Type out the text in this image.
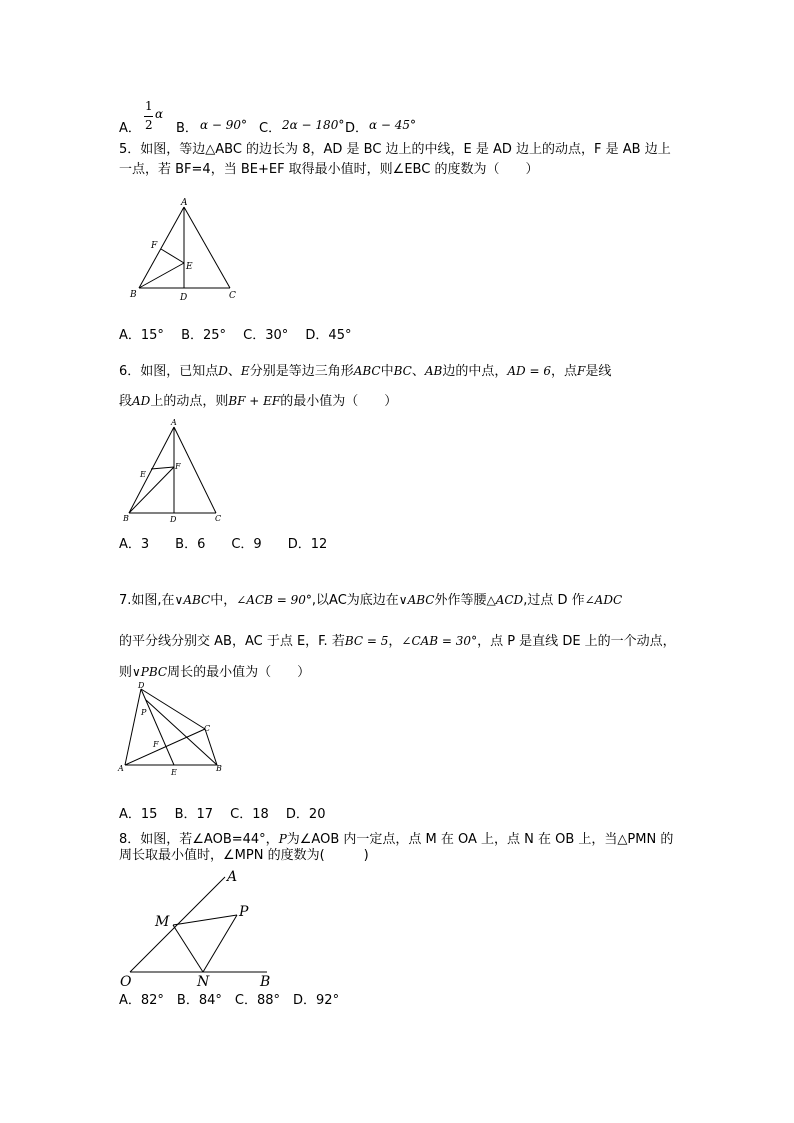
A．
1
2
α
B． α − 90° C． 2α − 180° D． α − 45°
5．如图，等边△ABC 的边长为 8，AD 是 BC 边上的中线，E 是 AD 边上的动点，F 是 AB 边上
一点，若 BF=4，当 BE+EF 取得最小值时，则∠EBC 的度数为（　　）
A
B	C
D
E
F
A．15°　 B．25°　 C．30°　 D．45°
6．如图，已知点D、E分别是等边三角形ABC中BC、AB边的中点，AD = 6，点F是线
段AD上的动点，则BF + EF的最小值为（　　）
A
B	C
D
E
F
A．3　　B．6　　C．9　　D．12
7.如图,在∨ABC中，∠ACB = 90°,以AC为底边在∨ABC外作等腰△ACD,过点 D 作∠ADC
的平分线分别交 AB，AC 于点 E，F. 若BC = 5，∠CAB = 30°，点 P 是直线 DE 上的一个动点，
则∨PBC周长的最小值为（　　）
D
P
C
F
A	E	B
A．15　 B．17　 C．18　 D．20
8．如图，若∠AOB=44°，P为∠AOB 内一定点，点 M 在 OA 上，点 N 在 OB 上，当△PMN 的
周长取最小值时，∠MPN 的度数为(　　　)
A
B
M
N
O
P
A．82°　B．84°　C．88°　D．92°
